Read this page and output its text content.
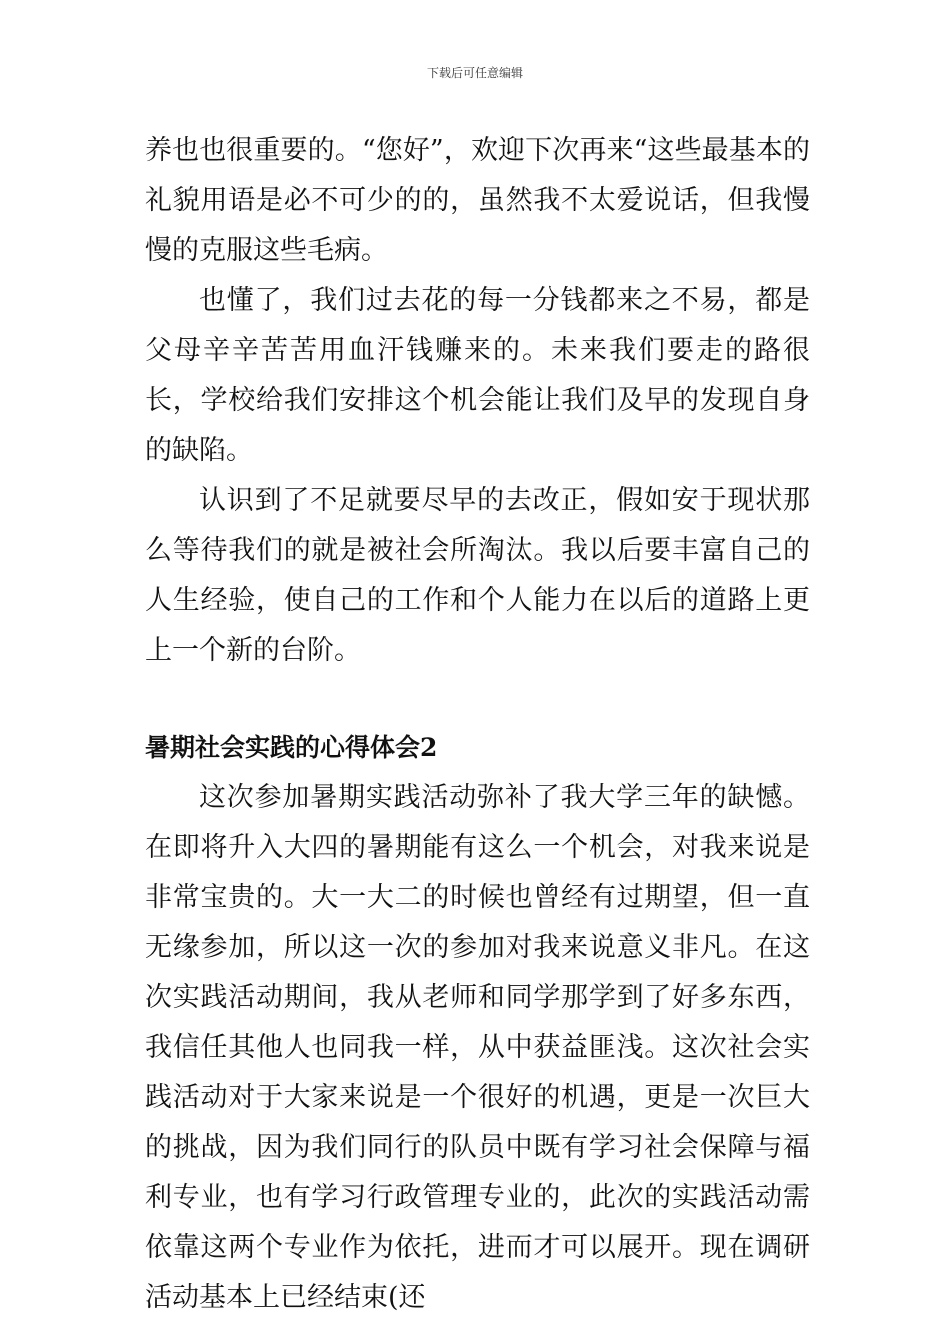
下载后可任意编辑

养也也很重要的。“您好”，欢迎下次再来“这些最基本的礼貌用语是必不可少的的，虽然我不太爱说话，但我慢慢的克服这些毛病。

也懂了，我们过去花的每一分钱都来之不易，都是父母辛辛苦苦用血汗钱赚来的。未来我们要走的路很长，学校给我们安排这个机会能让我们及早的发现自身的缺陷。

认识到了不足就要尽早的去改正，假如安于现状那么等待我们的就是被社会所淘汰。我以后要丰富自己的人生经验，使自己的工作和个人能力在以后的道路上更上一个新的台阶。

暑期社会实践的心得体会2

这次参加暑期实践活动弥补了我大学三年的缺憾。在即将升入大四的暑期能有这么一个机会，对我来说是非常宝贵的。大一大二的时候也曾经有过期望，但一直无缘参加，所以这一次的参加对我来说意义非凡。在这次实践活动期间，我从老师和同学那学到了好多东西，我信任其他人也同我一样，从中获益匪浅。这次社会实践活动对于大家来说是一个很好的机遇，更是一次巨大的挑战，因为我们同行的队员中既有学习社会保障与福利专业，也有学习行政管理专业的，此次的实践活动需依靠这两个专业作为依托，进而才可以展开。现在调研活动基本上已经结束(还
